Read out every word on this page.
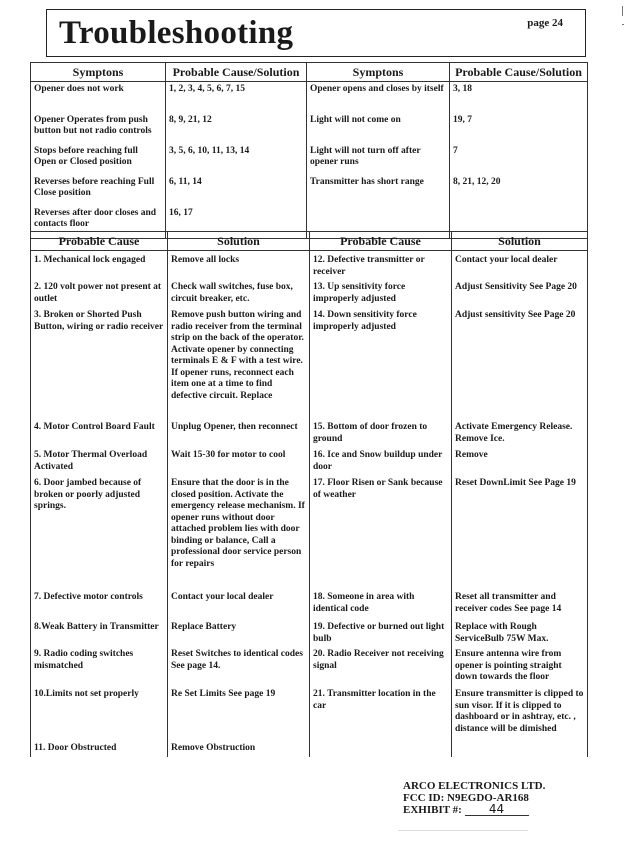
Troubleshooting	page 24
Symptons	Probable Cause/Solution	Symptons	Probable Cause/Solution
Opener does not work	1, 2, 3, 4, 5, 6, 7, 15	Opener opens and closes by itself	3, 18
Opener Operates from push button but not radio controls	8, 9, 21, 12	Light will not come on	19, 7
Stops before reaching full Open or Closed position	3, 5, 6, 10, 11, 13, 14	Light will not turn off after opener runs	7
Reverses before reaching Full Close position	6, 11, 14	Transmitter has short range	8, 21, 12, 20
Reverses after door closes and contacts floor	16, 17		
Probable Cause	Solution	Probable Cause	Solution
1. Mechanical lock engaged	Remove all locks	12. Defective transmitter or receiver	Contact your local dealer
2. 120 volt power not present at outlet	Check wall switches, fuse box, circuit breaker, etc.	13. Up sensitivity force improperly adjusted	Adjust Sensitivity See Page 20
3. Broken or Shorted Push Button, wiring or radio receiver	Remove push button wiring and radio receiver from the terminal strip on the back of the operator. Activate opener by connecting terminals E & F with a test wire. If opener runs, reconnect each item one at a time to find defective circuit. Replace	14. Down sensitivity force improperly adjusted	Adjust sensitivity See Page 20
4. Motor Control Board Fault	Unplug Opener, then reconnect	15. Bottom of door frozen to ground	Activate Emergency Release. Remove Ice.
5. Motor Thermal Overload Activated	Wait 15-30 for motor to cool	16. Ice and Snow buildup under door	Remove
6. Door jambed because of broken or poorly adjusted springs.	Ensure that the door is in the closed position. Activate the emergency release mechanism. If opener runs without door attached problem lies with door binding or balance, Call a professional door service person for repairs	17. Floor Risen or Sank because of weather	Reset DownLimit See Page 19
7. Defective motor controls	Contact your local dealer	18. Someone in area with identical code	Reset all transmitter and receiver codes See page 14
8.Weak Battery in Transmitter	Replace Battery	19. Defective or burned out light bulb	Replace with Rough ServiceBulb 75W Max.
9. Radio coding switches mismatched	Reset Switches to identical codes See page 14.	20. Radio Receiver not receiving signal	Ensure antenna wire from opener is pointing straight down towards the floor
10.Limits not set properly	Re Set Limits See page 19	21. Transmitter location in the car	Ensure transmitter is clipped to sun visor. If it is clipped to dashboard or in ashtray, etc. , distance will be dimished
11. Door Obstructed	Remove Obstruction		
ARCO ELECTRONICS LTD.
FCC ID: N9EGDO-AR168
EXHIBIT #: 44
